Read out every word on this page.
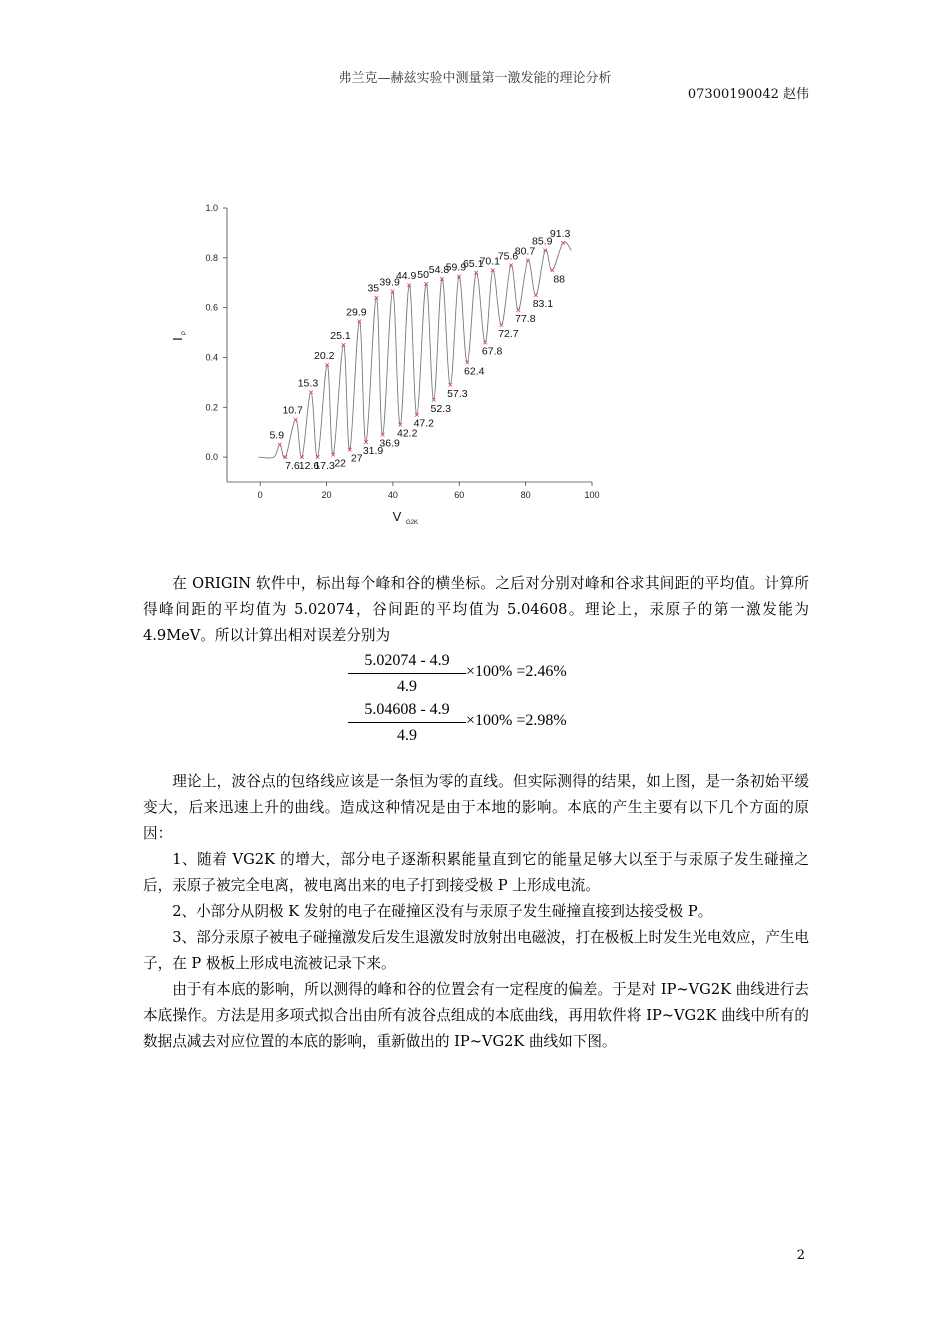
弗兰克—赫兹实验中测量第一激发能的理论分析
07300190042 赵伟
0	20	40	60	80	100
0.0
0.2
0.4
0.6
0.8
1.0
V G2K
I
P
5.9
10.7
15.3
20.2
25.1
29.9
35
39.9
44.9 50 54.8
59.9
65.1
70.1
75.6
80.7
85.9
91.3
7.6 12.6
17.3 22 27
31.9
36.9
42.2
47.2
52.3
57.3
62.4
67.8
72.7
77.8
83.1
88
在 ORIGIN 软件中，标出每个峰和谷的横坐标。之后对分别对峰和谷求其间距的平均值。计算所得峰间距的平均值为 5.02074，谷间距的平均值为 5.04608。理论上，汞原子的第一激发能为 4.9MeV。所以计算出相对误差分别为
5.02074 - 4.9
4.9
×100% =2.46%
5.04608 - 4.9
4.9
×100% =2.98%
理论上，波谷点的包络线应该是一条恒为零的直线。但实际测得的结果，如上图，是一条初始平缓变大，后来迅速上升的曲线。造成这种情况是由于本地的影响。本底的产生主要有以下几个方面的原因：
1、随着 VG2K 的增大，部分电子逐渐积累能量直到它的能量足够大以至于与汞原子发生碰撞之后，汞原子被完全电离，被电离出来的电子打到接受极 P 上形成电流。
2、小部分从阴极 K 发射的电子在碰撞区没有与汞原子发生碰撞直接到达接受极 P。
3、部分汞原子被电子碰撞激发后发生退激发时放射出电磁波，打在极板上时发生光电效应，产生电子，在 P 极板上形成电流被记录下来。
由于有本底的影响，所以测得的峰和谷的位置会有一定程度的偏差。于是对 IP~VG2K 曲线进行去本底操作。方法是用多项式拟合出由所有波谷点组成的本底曲线，再用软件将 IP~VG2K 曲线中所有的数据点减去对应位置的本底的影响，重新做出的 IP~VG2K 曲线如下图。
2
